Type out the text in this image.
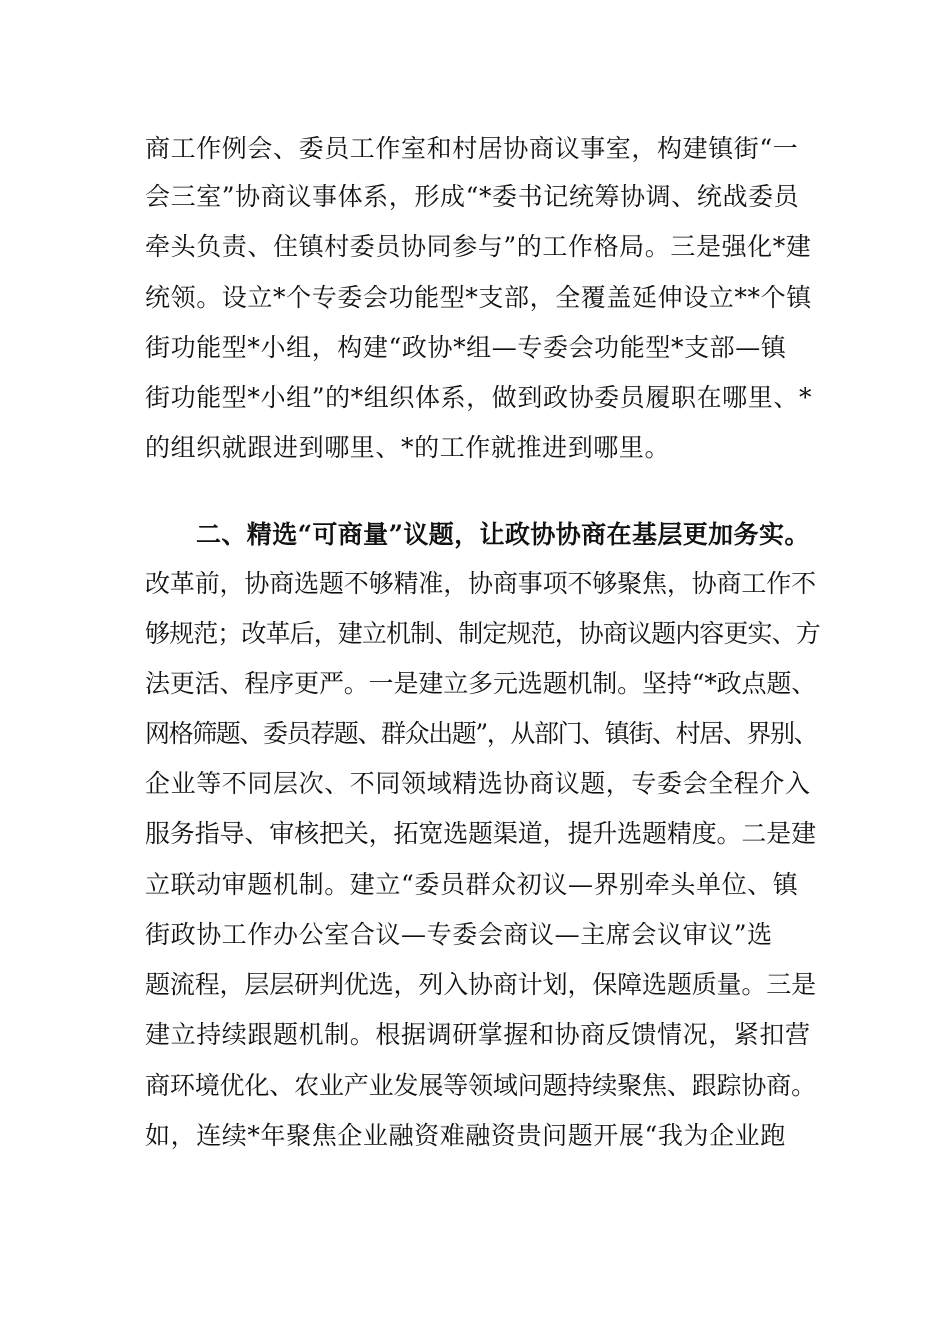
商工作例会、委员工作室和村居协商议事室，构建镇街“一
会三室”协商议事体系，形成“*委书记统筹协调、统战委员
牵头负责、住镇村委员协同参与”的工作格局。三是强化*建
统领。设立*个专委会功能型*支部，全覆盖延伸设立**个镇
街功能型*小组，构建“政协*组—专委会功能型*支部—镇
街功能型*小组”的*组织体系，做到政协委员履职在哪里、*
的组织就跟进到哪里、*的工作就推进到哪里。
二、精选“可商量”议题，让政协协商在基层更加务实。
改革前，协商选题不够精准，协商事项不够聚焦，协商工作不
够规范；改革后，建立机制、制定规范，协商议题内容更实、方
法更活、程序更严。一是建立多元选题机制。坚持“*政点题、
网格筛题、委员荐题、群众出题”，从部门、镇街、村居、界别、
企业等不同层次、不同领域精选协商议题，专委会全程介入
服务指导、审核把关，拓宽选题渠道，提升选题精度。二是建
立联动审题机制。建立“委员群众初议—界别牵头单位、镇
街政协工作办公室合议—专委会商议—主席会议审议”选
题流程，层层研判优选，列入协商计划，保障选题质量。三是
建立持续跟题机制。根据调研掌握和协商反馈情况，紧扣营
商环境优化、农业产业发展等领域问题持续聚焦、跟踪协商。
如，连续*年聚焦企业融资难融资贵问题开展“我为企业跑
